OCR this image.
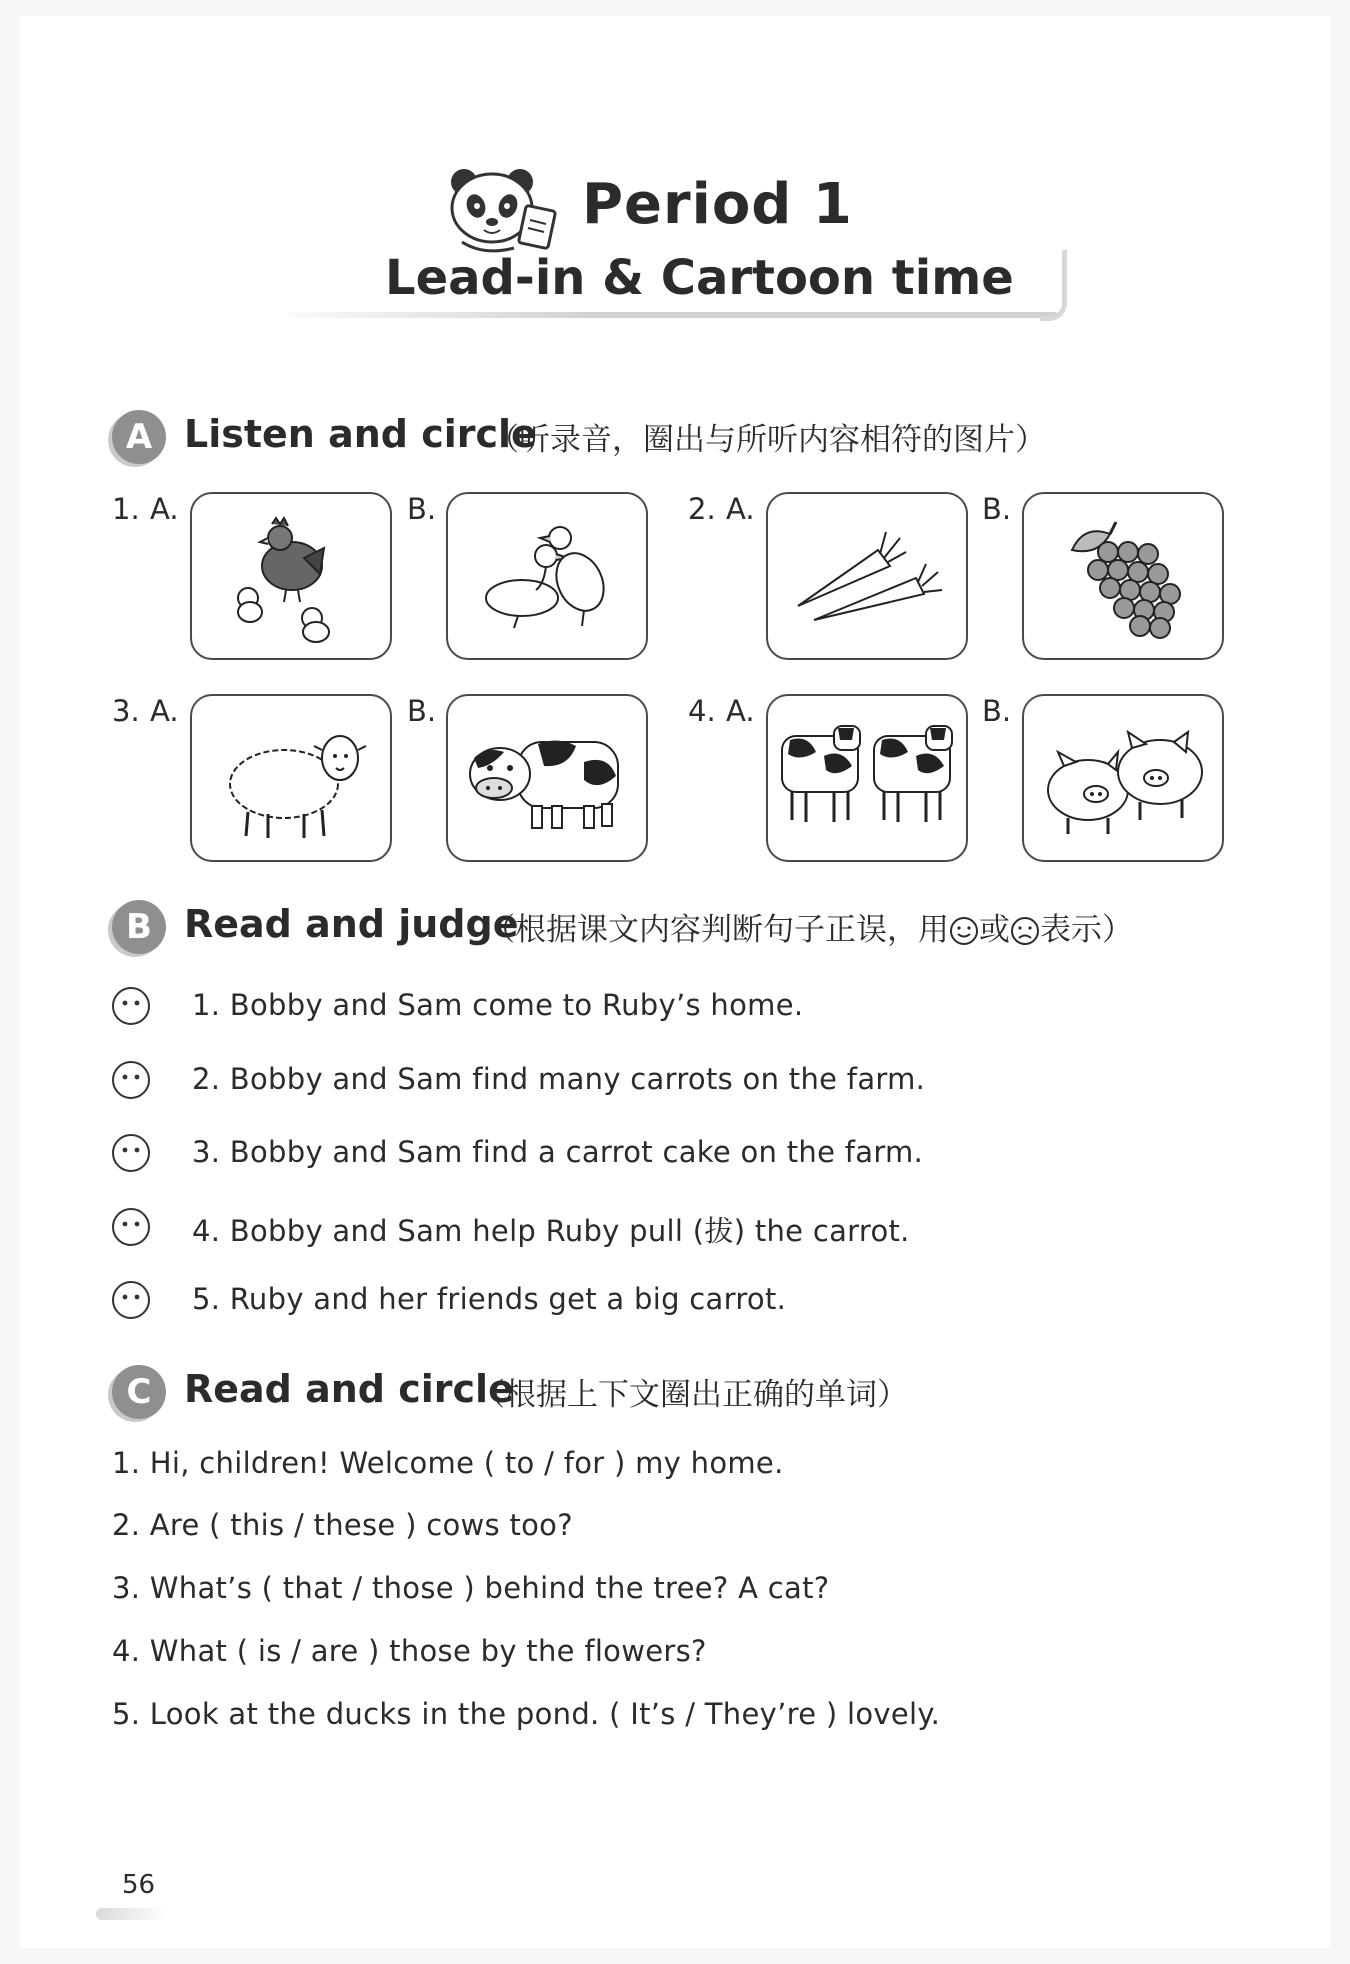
Period 1
Lead-in & Cartoon time
A Listen and circle
（听录音，圈出与所听内容相符的图片）
1. A.	B.	2. A.	B.
3. A.	B.	4. A.	B.
B Read and judge
（根据课文内容判断句子正误，用 或 表示）
1. Bobby and Sam come to Ruby’s home.
2. Bobby and Sam find many carrots on the farm.
3. Bobby and Sam find a carrot cake on the farm.
4. Bobby and Sam help Ruby pull (拔) the carrot.
5. Ruby and her friends get a big carrot.
C Read and circle
（根据上下文圈出正确的单词）
1. Hi, children! Welcome ( to / for ) my home.
2. Are ( this / these ) cows too?
3. What’s ( that / those ) behind the tree? A cat?
4. What ( is / are ) those by the flowers?
5. Look at the ducks in the pond. ( It’s / They’re ) lovely.
56
